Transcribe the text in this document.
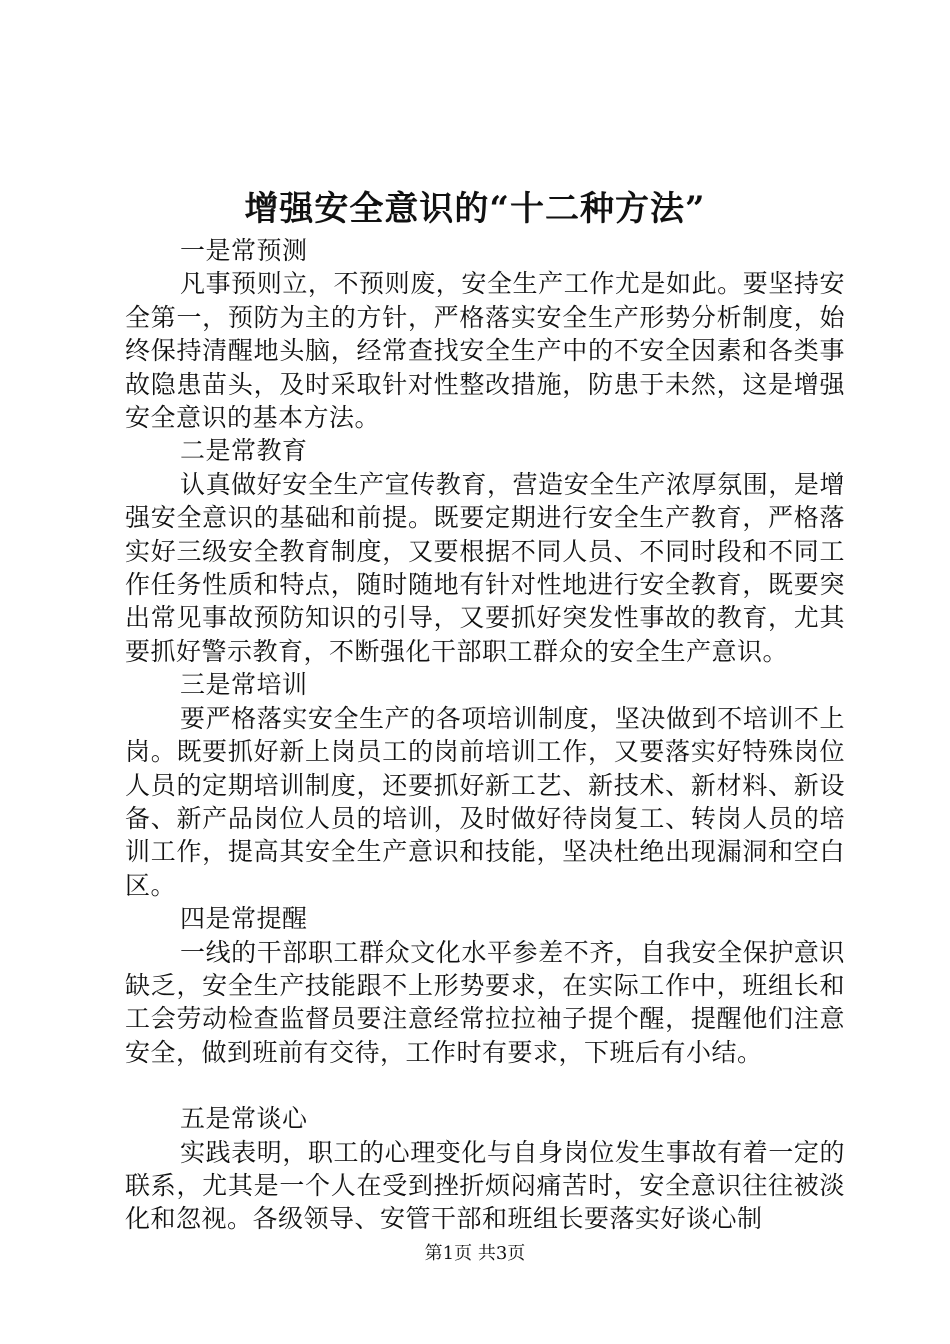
增强安全意识的“十二种方法”

一是常预测

凡事预则立，不预则废，安全生产工作尤是如此。要坚持安全第一，预防为主的方针，严格落实安全生产形势分析制度，始终保持清醒地头脑，经常查找安全生产中的不安全因素和各类事故隐患苗头，及时采取针对性整改措施，防患于未然，这是增强安全意识的基本方法。

二是常教育

认真做好安全生产宣传教育，营造安全生产浓厚氛围，是增强安全意识的基础和前提。既要定期进行安全生产教育，严格落实好三级安全教育制度，又要根据不同人员、不同时段和不同工作任务性质和特点，随时随地有针对性地进行安全教育，既要突出常见事故预防知识的引导，又要抓好突发性事故的教育，尤其要抓好警示教育，不断强化干部职工群众的安全生产意识。

三是常培训

要严格落实安全生产的各项培训制度，坚决做到不培训不上岗。既要抓好新上岗员工的岗前培训工作，又要落实好特殊岗位人员的定期培训制度，还要抓好新工艺、新技术、新材料、新设备、新产品岗位人员的培训，及时做好待岗复工、转岗人员的培训工作，提高其安全生产意识和技能，坚决杜绝出现漏洞和空白区。

四是常提醒

一线的干部职工群众文化水平参差不齐，自我安全保护意识缺乏，安全生产技能跟不上形势要求，在实际工作中，班组长和工会劳动检查监督员要注意经常拉拉袖子提个醒，提醒他们注意安全，做到班前有交待，工作时有要求，下班后有小结。

五是常谈心

实践表明，职工的心理变化与自身岗位发生事故有着一定的联系，尤其是一个人在受到挫折烦闷痛苦时，安全意识往往被淡化和忽视。各级领导、安管干部和班组长要落实好谈心制

第1页 共3页
